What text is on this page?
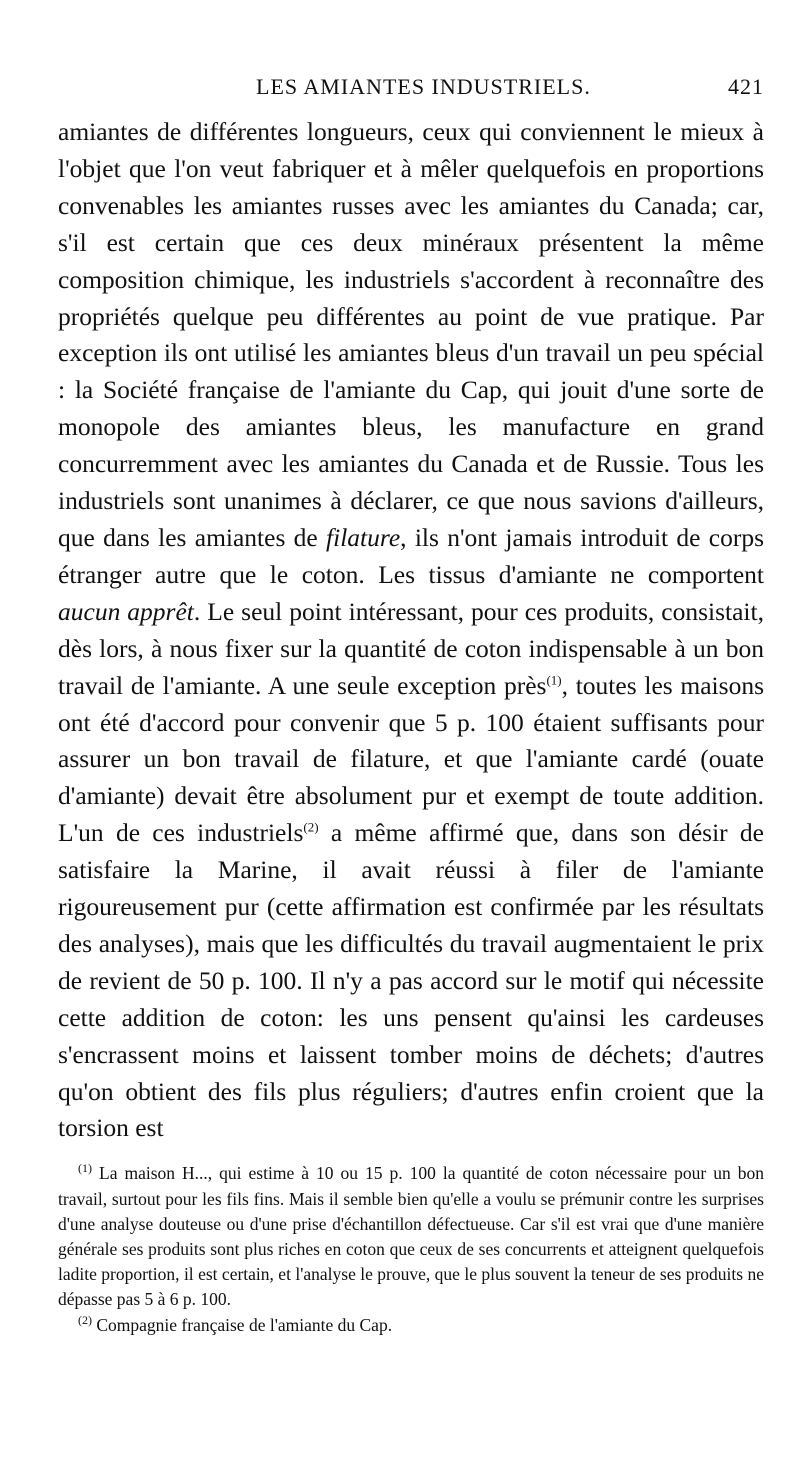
LES AMIANTES INDUSTRIELS.	421

amiantes de différentes longueurs, ceux qui conviennent le mieux à l'objet que l'on veut fabriquer et à mêler quelquefois en proportions convenables les amiantes russes avec les amiantes du Canada; car, s'il est certain que ces deux minéraux présentent la même composition chimique, les industriels s'accordent à reconnaître des propriétés quelque peu différentes au point de vue pratique. Par exception ils ont utilisé les amiantes bleus d'un travail un peu spécial : la Société française de l'amiante du Cap, qui jouit d'une sorte de monopole des amiantes bleus, les manufacture en grand concurremment avec les amiantes du Canada et de Russie. Tous les industriels sont unanimes à déclarer, ce que nous savions d'ailleurs, que dans les amiantes de filature, ils n'ont jamais introduit de corps étranger autre que le coton. Les tissus d'amiante ne comportent aucun apprêt. Le seul point intéressant, pour ces produits, consistait, dès lors, à nous fixer sur la quantité de coton indispensable à un bon travail de l'amiante. A une seule exception près$^{(1)}$, toutes les maisons ont été d'accord pour convenir que 5 p. 100 étaient suffisants pour assurer un bon travail de filature, et que l'amiante cardé (ouate d'amiante) devait être absolument pur et exempt de toute addition. L'un de ces industriels$^{(2)}$ a même affirmé que, dans son désir de satisfaire la Marine, il avait réussi à filer de l'amiante rigoureusement pur (cette affirmation est confirmée par les résultats des analyses), mais que les difficultés du travail augmentaient le prix de revient de 50 p. 100. Il n'y a pas accord sur le motif qui nécessite cette addition de coton: les uns pensent qu'ainsi les cardeuses s'encrassent moins et laissent tomber moins de déchets; d'autres qu'on obtient des fils plus réguliers; d'autres enfin croient que la torsion est

$^{(1)}$ La maison H..., qui estime à 10 ou 15 p. 100 la quantité de coton nécessaire pour un bon travail, surtout pour les fils fins. Mais il semble bien qu'elle a voulu se prémunir contre les surprises d'une analyse douteuse ou d'une prise d'échantillon défectueuse. Car s'il est vrai que d'une manière générale ses produits sont plus riches en coton que ceux de ses concurrents et atteignent quelquefois ladite proportion, il est certain, et l'analyse le prouve, que le plus souvent la teneur de ses produits ne dépasse pas 5 à 6 p. 100.

$^{(2)}$ Compagnie française de l'amiante du Cap.
